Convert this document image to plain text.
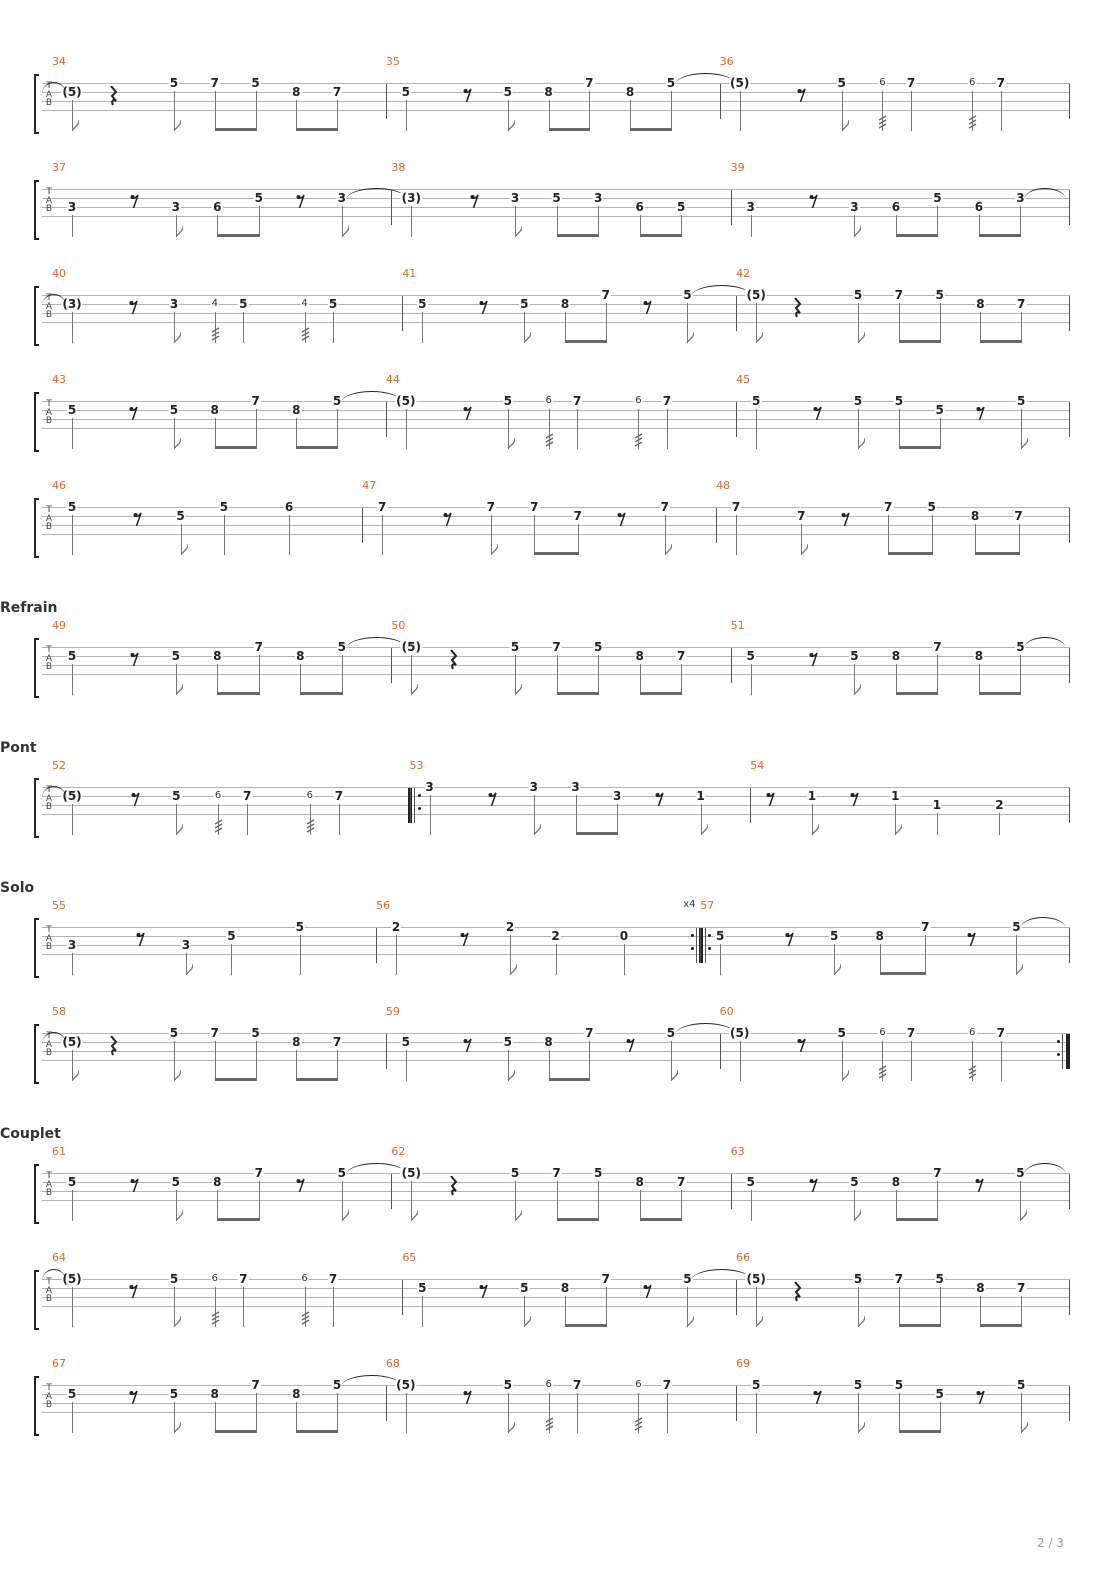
T
A
B
34
(5)
5	7	5
8	7
35
5	5	8
7
8
5
36
(5)	5	6 7	6 7
T
A
B
37
3	3	6
5	3
38
(3)	3	5	3
6	5
39
3	3	6
5
6
3
T
A
B
40
(3)	3	4 5	4 5
41
5	5	8
7	5
42
(5)	5	7	5
8	7
T
A
B
43
5	5	8
7
8
5
44
(5)	5	6 7	6 7
45
5	5	5
5
5
T
A
B
46
5
5
5	6
47
7	7	7
7
7
48
7
7
7	5
8	7
T
A
B
49
5	5	8
7
8
5
50
(5)	5	7	5
8	7
51
5	5	8
7
8
5
Refrain
T
A
B
52
(5)	5	6 7	6 7
53
3	3	3
3	1
54
1	1
1	2
Pont
T
A
B
55
3	3
5
5
56
2	2
2	0
x4 57
5	5	8
7	5
Solo
T
A
B
58
(5)
5	7	5
8	7
59
5	5	8
7	5
60
(5)	5	6 7	6 7
T
A
B
61
5	5	8
7	5
62
(5)	5	7	5
8	7
63
5	5	8
7	5
Couplet
T
A
B
64
(5)	5	6 7	6 7
65
5	5	8
7	5
66
(5)	5	7	5
8	7
T
A
B
67
5	5	8
7
8
5
68
(5)	5	6 7	6 7
69
5	5	5
5
5
2 / 3
